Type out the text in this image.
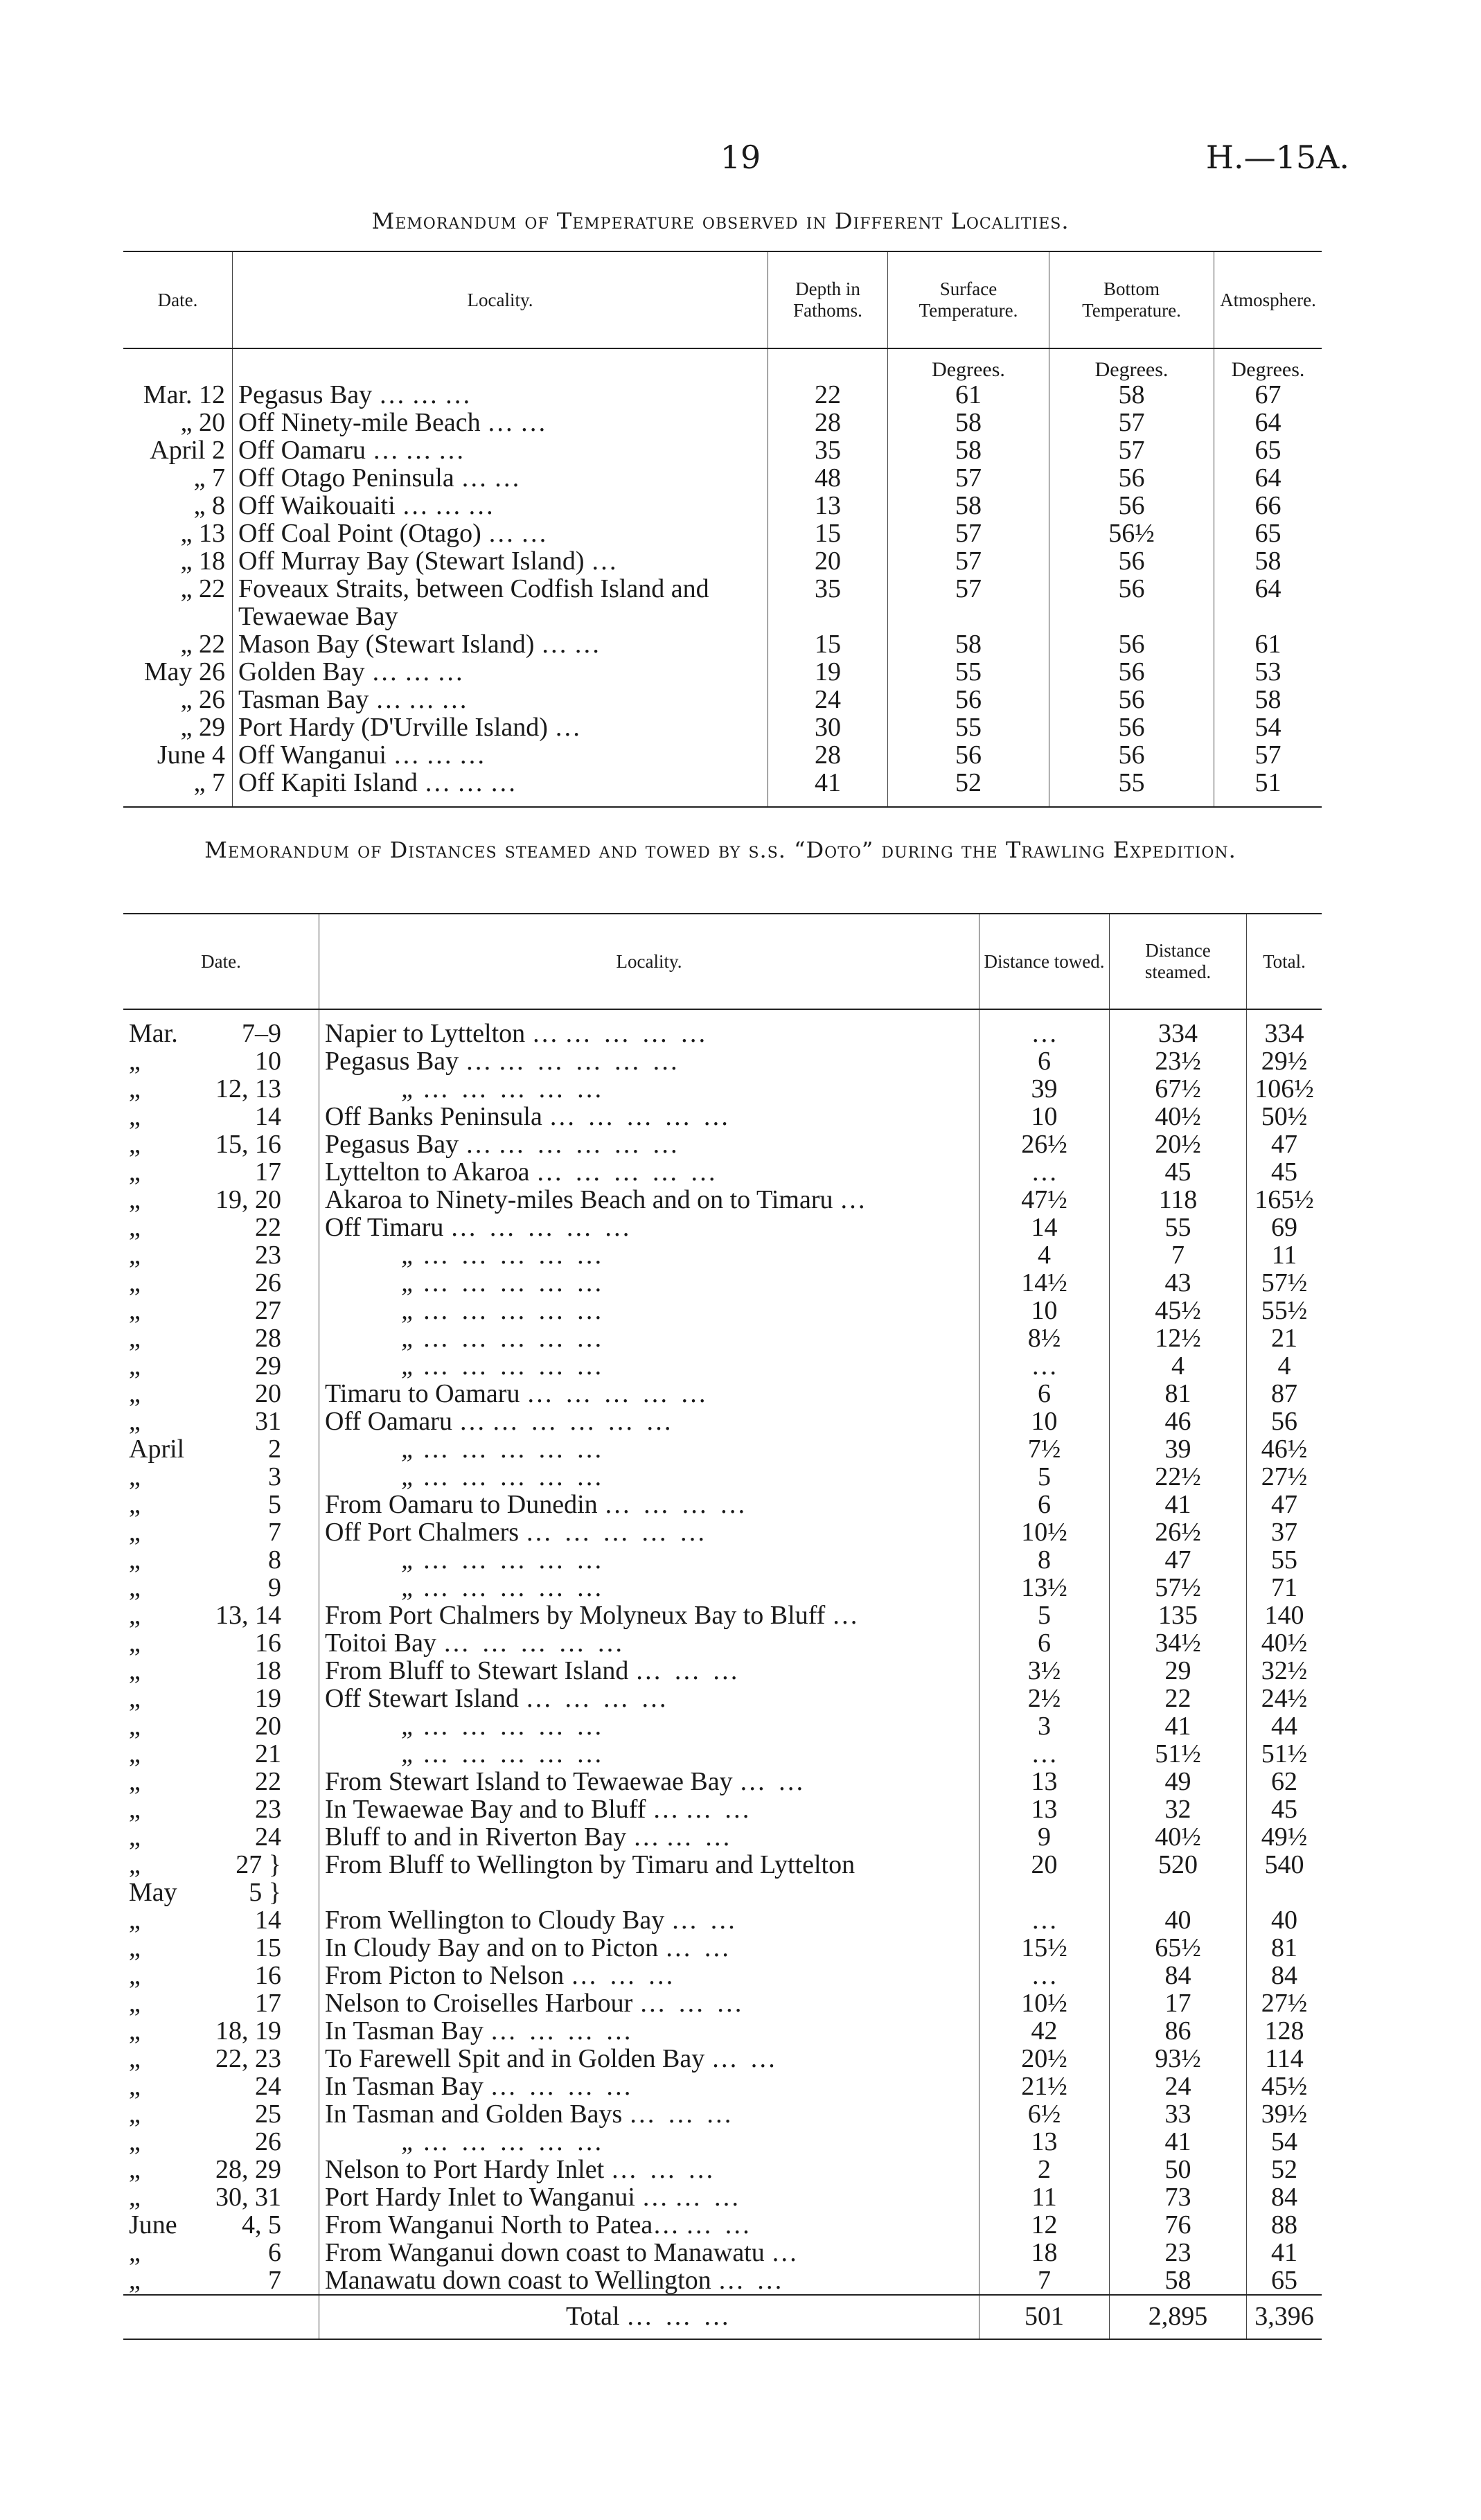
19	H.—15A.
Memorandum of Temperature observed in Different Localities.
Date.	Locality.	Depth in Fathoms.	Surface Temperature.	Bottom Temperature.	Atmosphere.
			Degrees.	Degrees.	Degrees.
Mar. 12	Pegasus Bay … … …	22	61	58	67
„ 20	Off Ninety-mile Beach … …	28	58	57	64
April 2	Off Oamaru … … …	35	58	57	65
„ 7	Off Otago Peninsula … …	48	57	56	64
„ 8	Off Waikouaiti … … …	13	58	56	66
„ 13	Off Coal Point (Otago) … …	15	57	56½	65
„ 18	Off Murray Bay (Stewart Island) …	20	57	56	58
„ 22	Foveaux Straits, between Codfish Island and Tewaewae Bay	35	57	56	64
„ 22	Mason Bay (Stewart Island) … …	15	58	56	61
May 26	Golden Bay … … …	19	55	56	53
„ 26	Tasman Bay … … …	24	56	56	58
„ 29	Port Hardy (D'Urville Island) …	30	55	56	54
June 4	Off Wanganui … … …	28	56	56	57
„ 7	Off Kapiti Island … … …	41	52	55	51
Memorandum of Distances steamed and towed by s.s. “Doto” during the Trawling Expedition.
Date.	Locality.	Distance towed.	Distance steamed.	Total.

Mar. 7–9	Napier to Lyttelton … … … … …	…	334	334
„ 10	Pegasus Bay … … … … … …	6	23½	29½
„ 12, 13	„ … … … … …	39	67½	106½
„ 14	Off Banks Peninsula … … … … …	10	40½	50½
„ 15, 16	Pegasus Bay … … … … … …	26½	20½	47
„ 17	Lyttelton to Akaroa … … … … …	…	45	45
„ 19, 20	Akaroa to Ninety-miles Beach and on to Timaru …	47½	118	165½
„ 22	Off Timaru … … … … …	14	55	69
„ 23	„ … … … … …	4	7	11
„ 26	„ … … … … …	14½	43	57½
„ 27	„ … … … … …	10	45½	55½
„ 28	„ … … … … …	8½	12½	21
„ 29	„ … … … … …	…	4	4
„ 20	Timaru to Oamaru … … … … …	6	81	87
„ 31	Off Oamaru … … … … … …	10	46	56
April 2	„ … … … … …	7½	39	46½
„ 3	„ … … … … …	5	22½	27½
„ 5	From Oamaru to Dunedin … … … …	6	41	47
„ 7	Off Port Chalmers … … … … …	10½	26½	37
„ 8	„ … … … … …	8	47	55
„ 9	„ … … … … …	13½	57½	71
„ 13, 14	From Port Chalmers by Molyneux Bay to Bluff …	5	135	140
„ 16	Toitoi Bay … … … … …	6	34½	40½
„ 18	From Bluff to Stewart Island … … …	3½	29	32½
„ 19	Off Stewart Island … … … …	2½	22	24½
„ 20	„ … … … … …	3	41	44
„ 21	„ … … … … …	…	51½	51½
„ 22	From Stewart Island to Tewaewae Bay … …	13	49	62
„ 23	In Tewaewae Bay and to Bluff … … …	13	32	45
„ 24	Bluff to and in Riverton Bay … … …	9	40½	49½
„ 27 }
May 5 }	From Bluff to Wellington by Timaru and Lyttelton	20	520	540
„ 14	From Wellington to Cloudy Bay … …	…	40	40
„ 15	In Cloudy Bay and on to Picton … …	15½	65½	81
„ 16	From Picton to Nelson … … …	…	84	84
„ 17	Nelson to Croiselles Harbour … … …	10½	17	27½
„ 18, 19	In Tasman Bay … … … …	42	86	128
„ 22, 23	To Farewell Spit and in Golden Bay … …	20½	93½	114
„ 24	In Tasman Bay … … … …	21½	24	45½
„ 25	In Tasman and Golden Bays … … …	6½	33	39½
„ 26	„ … … … … …	13	41	54
„ 28, 29	Nelson to Port Hardy Inlet … … …	2	50	52
„ 30, 31	Port Hardy Inlet to Wanganui … … …	11	73	84
June 4, 5	From Wanganui North to Patea… … …	12	76	88
„ 6	From Wanganui down coast to Manawatu …	18	23	41
„ 7	Manawatu down coast to Wellington … …	7	58	65
	Total … … …	501	2,895	3,396
